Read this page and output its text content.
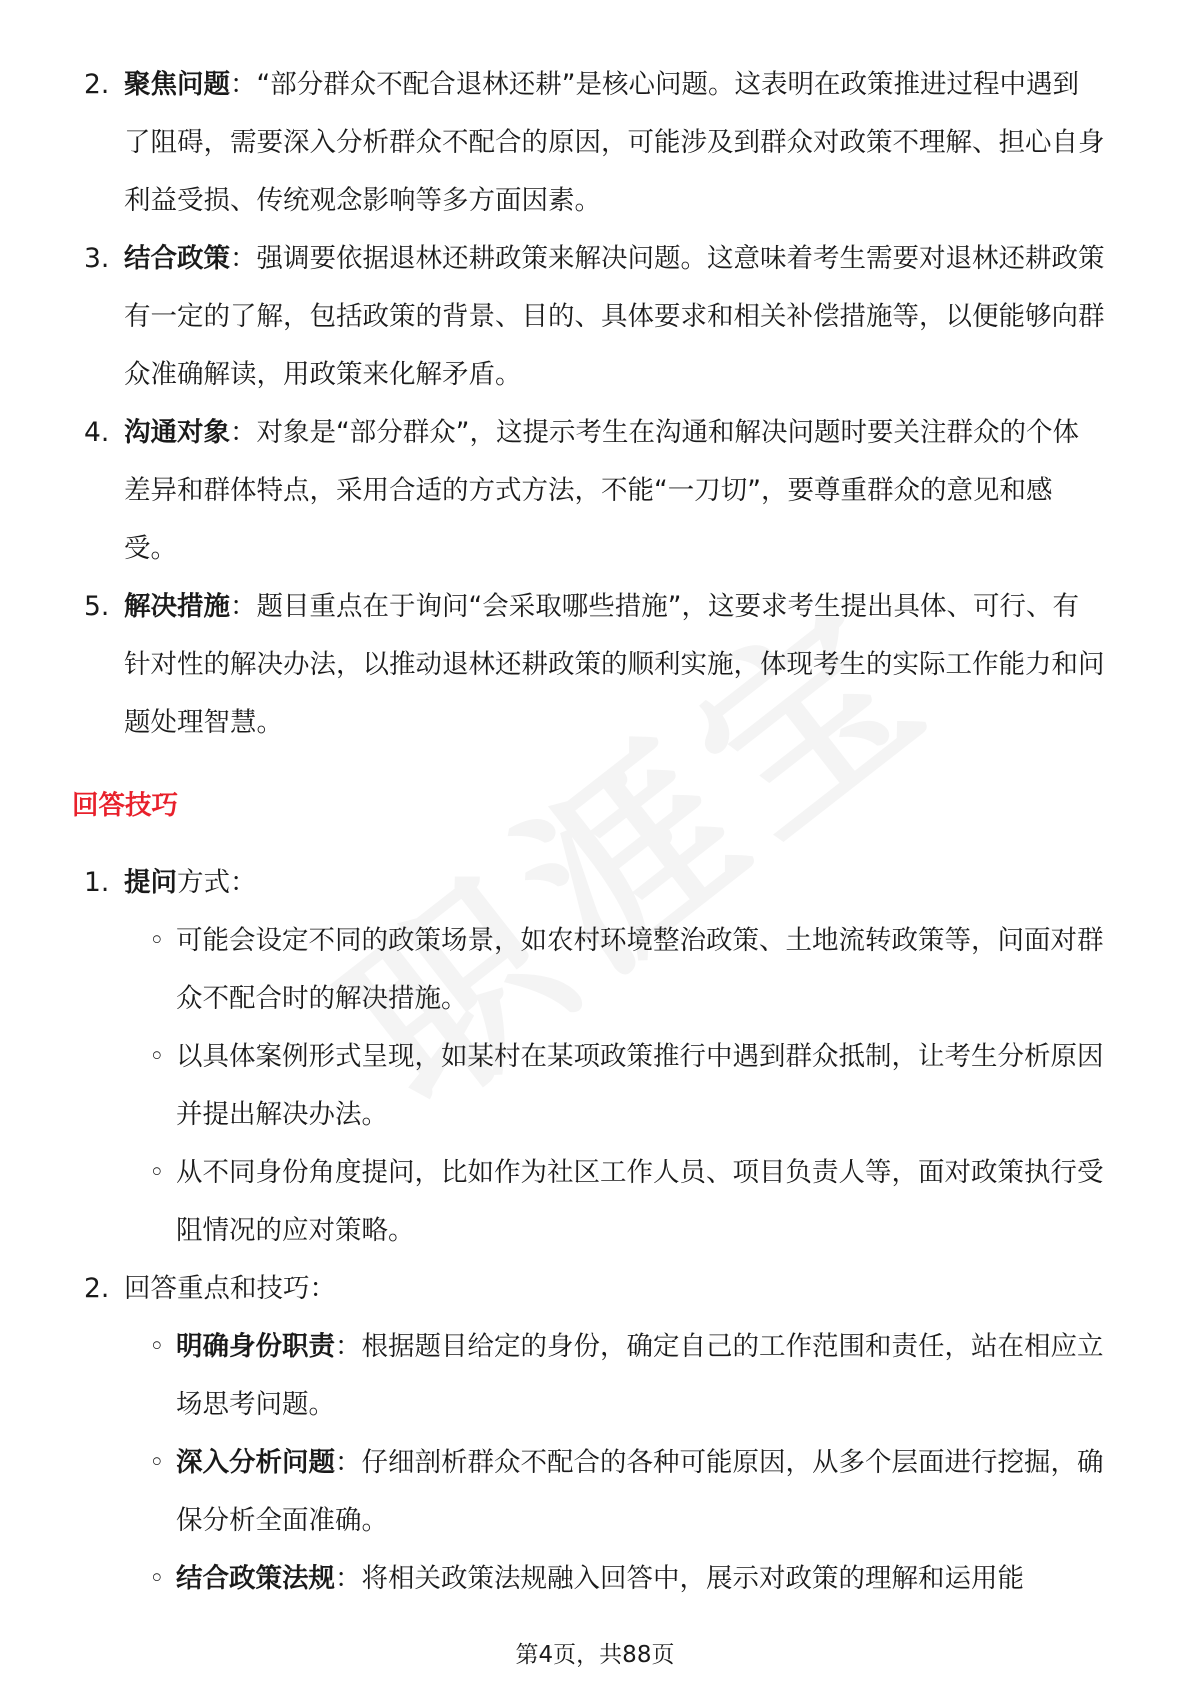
2. 聚焦问题：“部分群众不配合退林还耕”是核心问题。这表明在政策推进过程中遇到了阻碍，需要深入分析群众不配合的原因，可能涉及到群众对政策不理解、担心自身利益受损、传统观念影响等多方面因素。
3. 结合政策：强调要依据退林还耕政策来解决问题。这意味着考生需要对退林还耕政策有一定的了解，包括政策的背景、目的、具体要求和相关补偿措施等，以便能够向群众准确解读，用政策来化解矛盾。
4. 沟通对象：对象是“部分群众”，这提示考生在沟通和解决问题时要关注群众的个体差异和群体特点，采用合适的方式方法，不能“一刀切”，要尊重群众的意见和感受。
5. 解决措施：题目重点在于询问“会采取哪些措施”，这要求考生提出具体、可行、有针对性的解决办法，以推动退林还耕政策的顺利实施，体现考生的实际工作能力和问题处理智慧。
回答技巧
1. 提问方式：
◦ 可能会设定不同的政策场景，如农村环境整治政策、土地流转政策等，问面对群众不配合时的解决措施。
◦ 以具体案例形式呈现，如某村在某项政策推行中遇到群众抵制，让考生分析原因并提出解决办法。
◦ 从不同身份角度提问，比如作为社区工作人员、项目负责人等，面对政策执行受阻情况的应对策略。
2. 回答重点和技巧：
◦ 明确身份职责：根据题目给定的身份，确定自己的工作范围和责任，站在相应立场思考问题。
◦ 深入分析问题：仔细剖析群众不配合的各种可能原因，从多个层面进行挖掘，确保分析全面准确。
◦ 结合政策法规：将相关政策法规融入回答中，展示对政策的理解和运用能
第4页，共88页
